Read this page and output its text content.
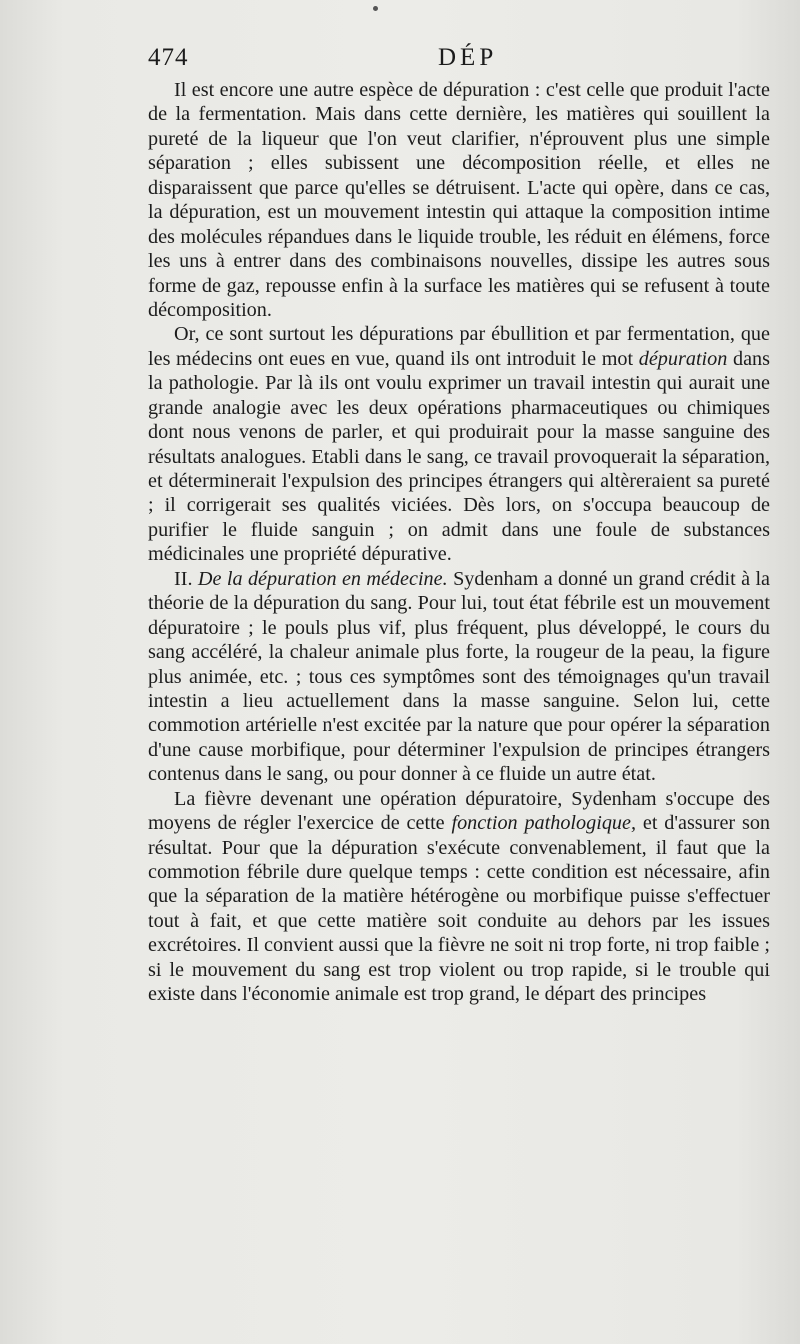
474	DÉP

Il est encore une autre espèce de dépuration : c'est celle que produit l'acte de la fermentation. Mais dans cette dernière, les matières qui souillent la pureté de la liqueur que l'on veut clarifier, n'éprouvent plus une simple séparation ; elles subissent une décomposition réelle, et elles ne disparaissent que parce qu'elles se détruisent. L'acte qui opère, dans ce cas, la dépuration, est un mouvement intestin qui attaque la composition intime des molécules répandues dans le liquide trouble, les réduit en élémens, force les uns à entrer dans des combinaisons nouvelles, dissipe les autres sous forme de gaz, repousse enfin à la surface les matières qui se refusent à toute décomposition.

Or, ce sont surtout les dépurations par ébullition et par fermentation, que les médecins ont eues en vue, quand ils ont introduit le mot dépuration dans la pathologie. Par là ils ont voulu exprimer un travail intestin qui aurait une grande analogie avec les deux opérations pharmaceutiques ou chimiques dont nous venons de parler, et qui produirait pour la masse sanguine des résultats analogues. Etabli dans le sang, ce travail provoquerait la séparation, et déterminerait l'expulsion des principes étrangers qui altèreraient sa pureté ; il corrigerait ses qualités viciées. Dès lors, on s'occupa beaucoup de purifier le fluide sanguin ; on admit dans une foule de substances médicinales une propriété dépurative.

II. De la dépuration en médecine. Sydenham a donné un grand crédit à la théorie de la dépuration du sang. Pour lui, tout état fébrile est un mouvement dépuratoire ; le pouls plus vif, plus fréquent, plus développé, le cours du sang accéléré, la chaleur animale plus forte, la rougeur de la peau, la figure plus animée, etc. ; tous ces symptômes sont des témoignages qu'un travail intestin a lieu actuellement dans la masse sanguine. Selon lui, cette commotion artérielle n'est excitée par la nature que pour opérer la séparation d'une cause morbifique, pour déterminer l'expulsion de principes étrangers contenus dans le sang, ou pour donner à ce fluide un autre état.

La fièvre devenant une opération dépuratoire, Sydenham s'occupe des moyens de régler l'exercice de cette fonction pathologique, et d'assurer son résultat. Pour que la dépuration s'exécute convenablement, il faut que la commotion fébrile dure quelque temps : cette condition est nécessaire, afin que la séparation de la matière hétérogène ou morbifique puisse s'effectuer tout à fait, et que cette matière soit conduite au dehors par les issues excrétoires. Il convient aussi que la fièvre ne soit ni trop forte, ni trop faible ; si le mouvement du sang est trop violent ou trop rapide, si le trouble qui existe dans l'économie animale est trop grand, le départ des principes
